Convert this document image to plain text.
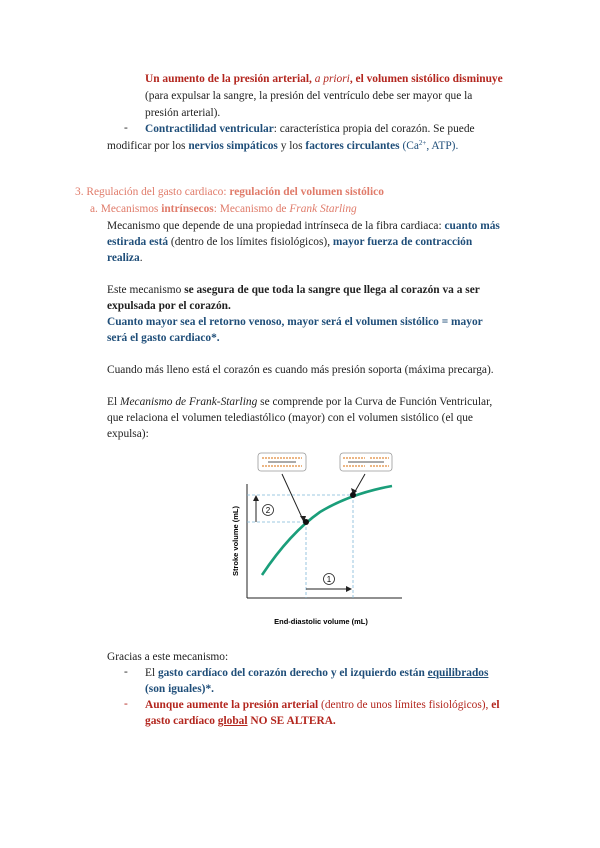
Un aumento de la presión arterial, a priori, el volumen sistólico disminuye
(para expulsar la sangre, la presión del ventrículo debe ser mayor que la
presión arterial).
- Contractilidad ventricular: característica propia del corazón. Se puede
modificar por los nervios simpáticos y los factores circulantes ($Ca^{2+}$, ATP).
3. Regulación del gasto cardiaco: regulación del volumen sistólico
a. Mecanismos intrínsecos: Mecanismo de Frank Starling
Mecanismo que depende de una propiedad intrínseca de la fibra cardiaca: cuanto más
estirada está (dentro de los límites fisiológicos), mayor fuerza de contracción
realiza.
Este mecanismo se asegura de que toda la sangre que llega al corazón va a ser
expulsada por el corazón.
Cuanto mayor sea el retorno venoso, mayor será el volumen sistólico = mayor
será el gasto cardiaco*.
Cuando más lleno está el corazón es cuando más presión soporta (máxima precarga).
El Mecanismo de Frank-Starling se comprende por la Curva de Función Ventricular,
que relaciona el volumen telediastólico (mayor) con el volumen sistólico (el que
expulsa):
2
1
Stroke volume (mL)
End-diastolic volume (mL)
Gracias a este mecanismo:
- El gasto cardíaco del corazón derecho y el izquierdo están equilibrados
(son iguales)*.
- Aunque aumente la presión arterial (dentro de unos límites fisiológicos), el
gasto cardíaco global NO SE ALTERA.
